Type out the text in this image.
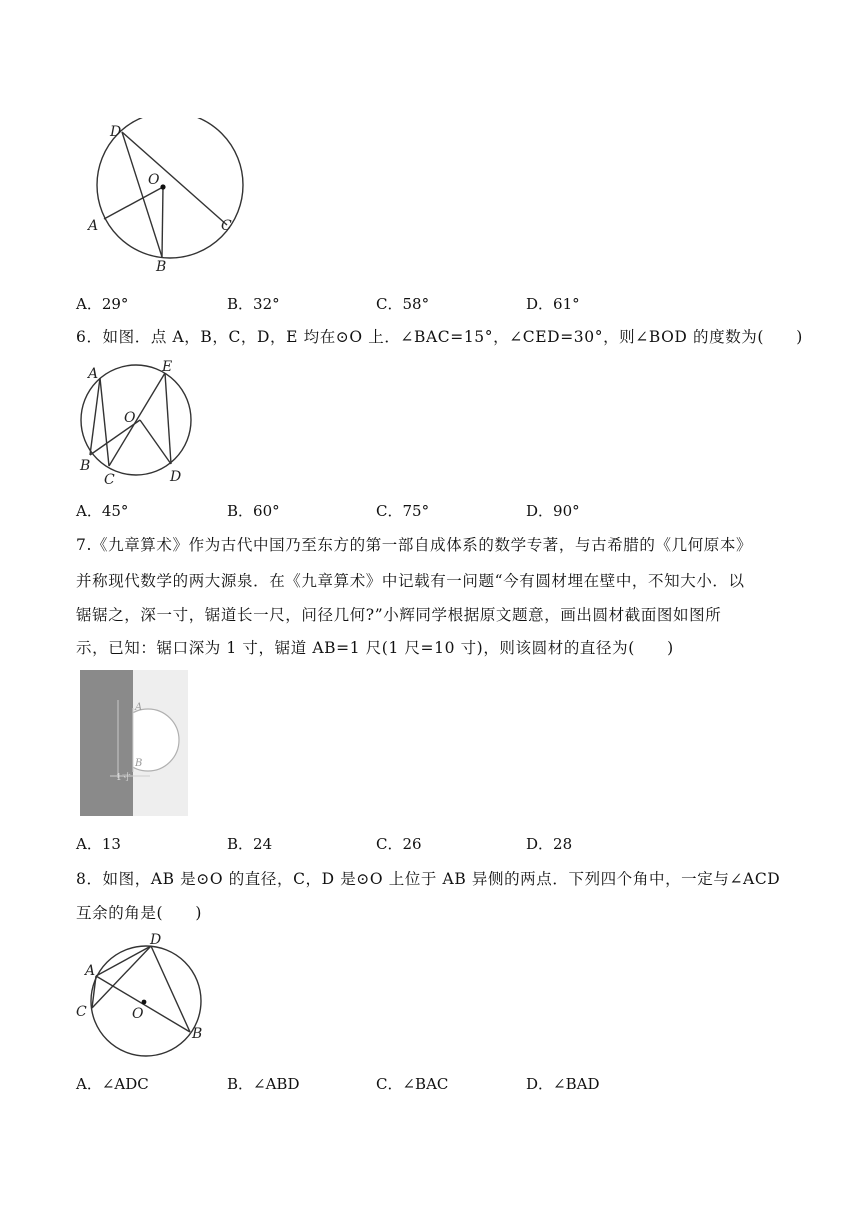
D
O
A	C
B
A．29°	B．32°	C．58°	D．61°
6．如图．点 A，B，C，D，E 均在⊙O 上．∠BAC=15°，∠CED=30°，则∠BOD 的度数为(　　)
A	E
O
B
C	D
A．45°	B．60°	C．75°	D．90°
7.《九章算术》作为古代中国乃至东方的第一部自成体系的数学专著，与古希腊的《几何原本》
并称现代数学的两大源泉．在《九章算术》中记载有一问题“今有圆材埋在壁中，不知大小．以
锯锯之，深一寸，锯道长一尺，问径几何?”小辉同学根据原文题意，画出圆材截面图如图所
示，已知：锯口深为 1 寸，锯道 AB=1 尺(1 尺=10 寸)，则该圆材的直径为(　　)
A
B
1寸
A．13	B．24	C．26	D．28
8．如图，AB 是⊙O 的直径，C，D 是⊙O 上位于 AB 异侧的两点．下列四个角中，一定与∠ACD
互余的角是(　　)
D
A
C	O
B
A．∠ADC	B．∠ABD	C．∠BAC	D．∠BAD
